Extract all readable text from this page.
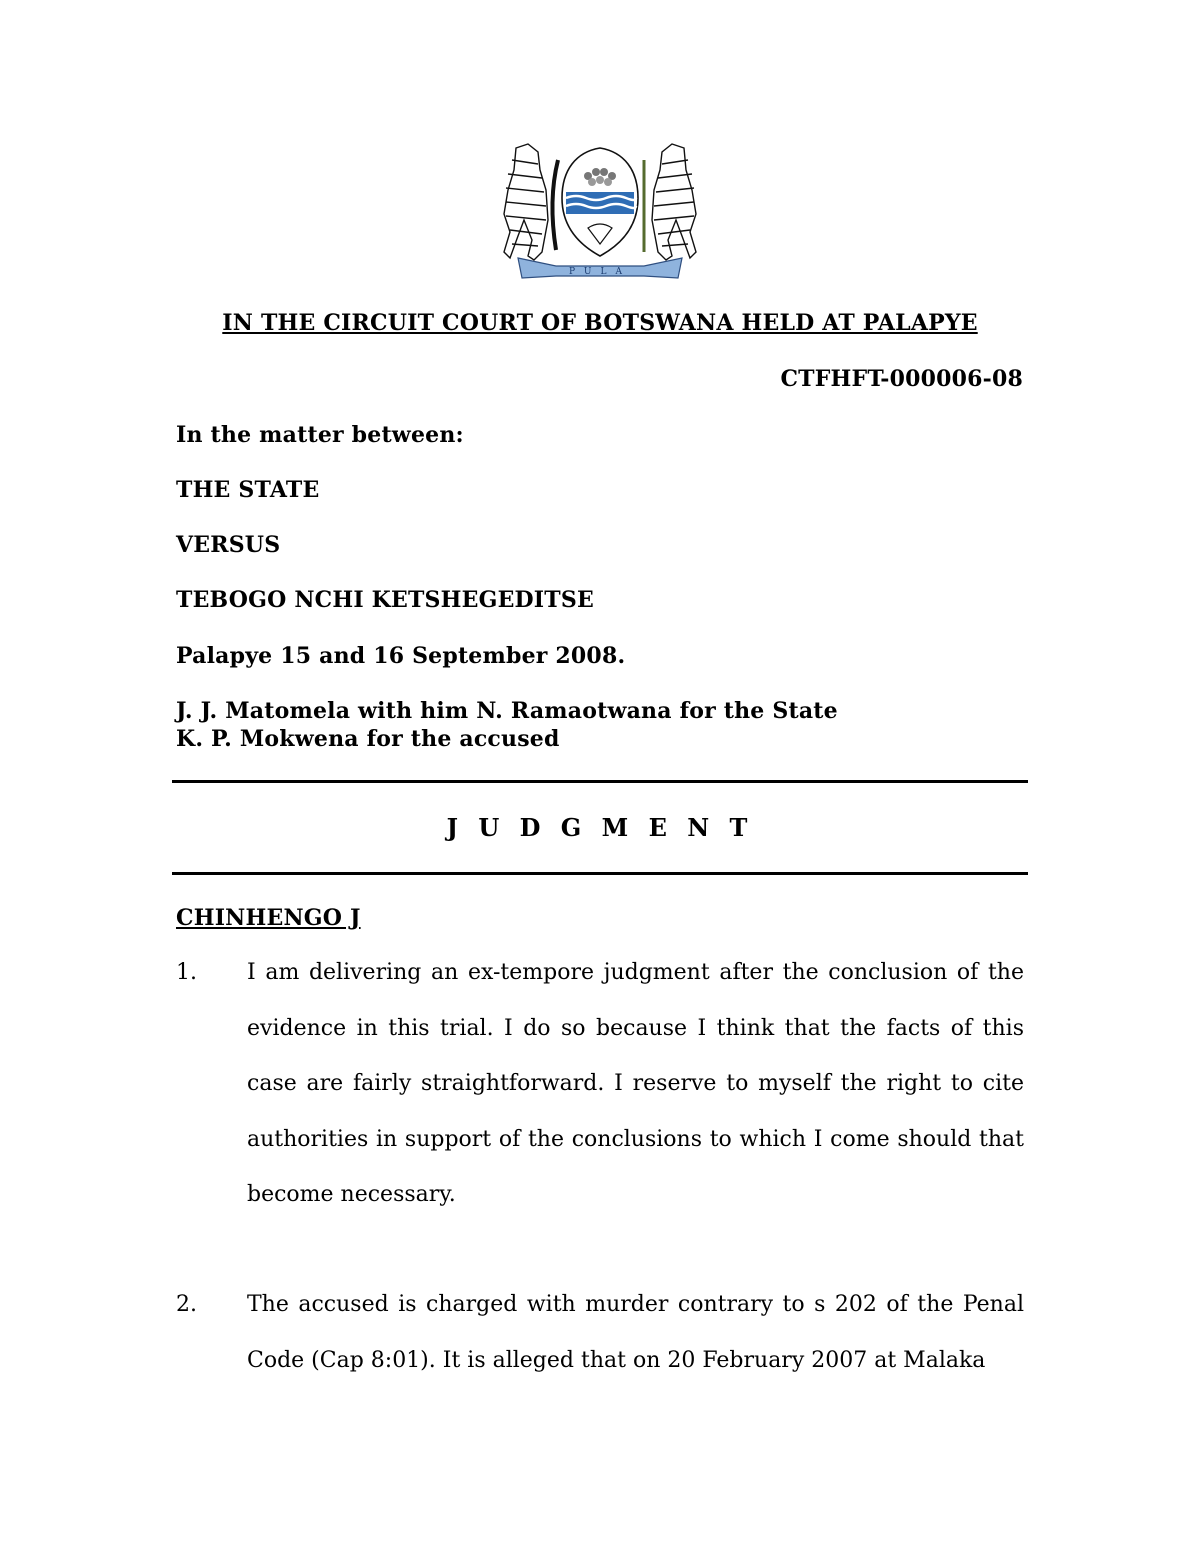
PULA
IN THE CIRCUIT COURT OF BOTSWANA HELD AT PALAPYE
CTFHFT-000006-08
In the matter between:
THE STATE
VERSUS
TEBOGO NCHI KETSHEGEDITSE
Palapye 15 and 16 September 2008.
J. J. Matomela with him N. Ramaotwana for the State
K. P. Mokwena for the accused
J U D G M E N T
CHINHENGO J
1.	I am delivering an ex-tempore judgment after the conclusion of the evidence in this trial. I do so because I think that the facts of this case are fairly straightforward. I reserve to myself the right to cite authorities in support of the conclusions to which I come should that become necessary.
2.	The accused is charged with murder contrary to s 202 of the Penal Code (Cap 8:01). It is alleged that on 20 February 2007 at Malaka
